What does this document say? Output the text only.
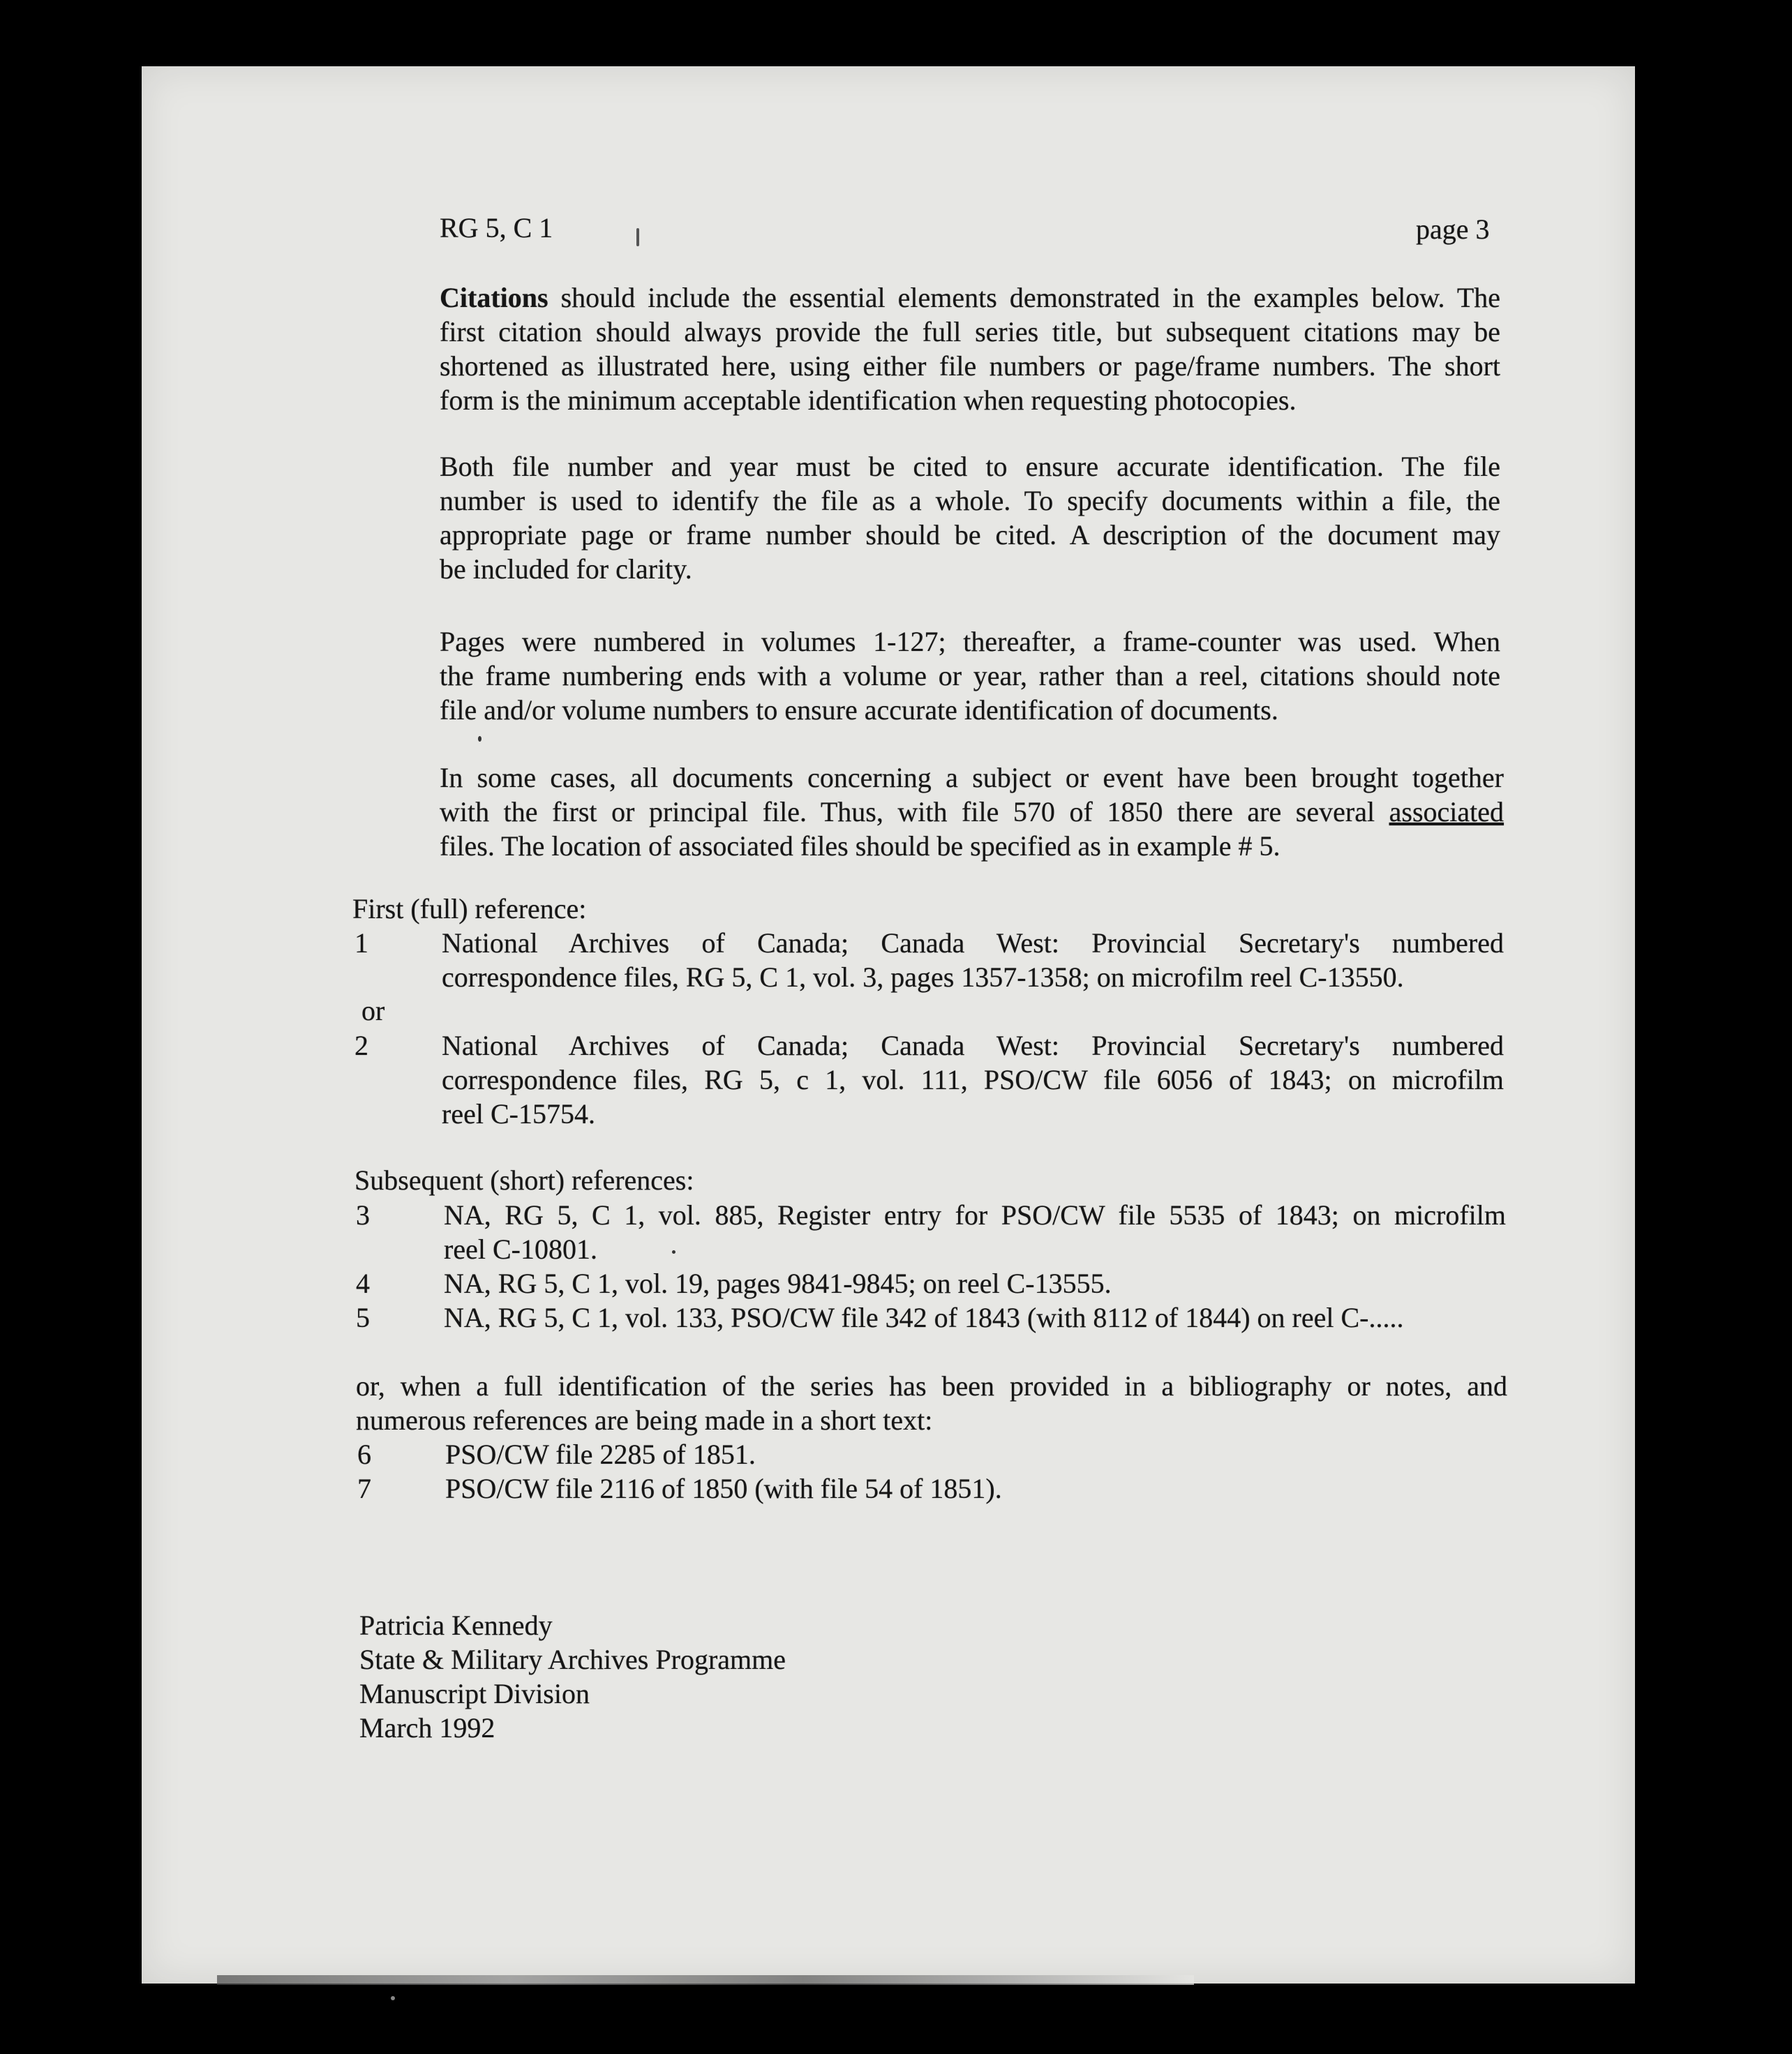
RG 5, C 1	page 3
Citations should include the essential elements demonstrated in the examples below. The
first citation should always provide the full series title, but subsequent citations may be
shortened as illustrated here, using either file numbers or page/frame numbers. The short
form is the minimum acceptable identification when requesting photocopies.
Both file number and year must be cited to ensure accurate identification. The file
number is used to identify the file as a whole. To specify documents within a file, the
appropriate page or frame number should be cited. A description of the document may
be included for clarity.
Pages were numbered in volumes 1-127; thereafter, a frame-counter was used. When
the frame numbering ends with a volume or year, rather than a reel, citations should note
file and/or volume numbers to ensure accurate identification of documents.
In some cases, all documents concerning a subject or event have been brought together
with the first or principal file. Thus, with file 570 of 1850 there are several associated
files. The location of associated files should be specified as in example # 5.
First (full) reference:
1	National Archives of Canada; Canada West: Provincial Secretary's numbered
correspondence files, RG 5, C 1, vol. 3, pages 1357-1358; on microfilm reel C-13550.
or
2	National Archives of Canada; Canada West: Provincial Secretary's numbered
correspondence files, RG 5, c 1, vol. 111, PSO/CW file 6056 of 1843; on microfilm
reel C-15754.
Subsequent (short) references:
3	NA, RG 5, C 1, vol. 885, Register entry for PSO/CW file 5535 of 1843; on microfilm
reel C-10801.
4	NA, RG 5, C 1, vol. 19, pages 9841-9845; on reel C-13555.
5	NA, RG 5, C 1, vol. 133, PSO/CW file 342 of 1843 (with 8112 of 1844) on reel C-.....
or, when a full identification of the series has been provided in a bibliography or notes, and
numerous references are being made in a short text:
6	PSO/CW file 2285 of 1851.
7	PSO/CW file 2116 of 1850 (with file 54 of 1851).
Patricia Kennedy
State & Military Archives Programme
Manuscript Division
March 1992
